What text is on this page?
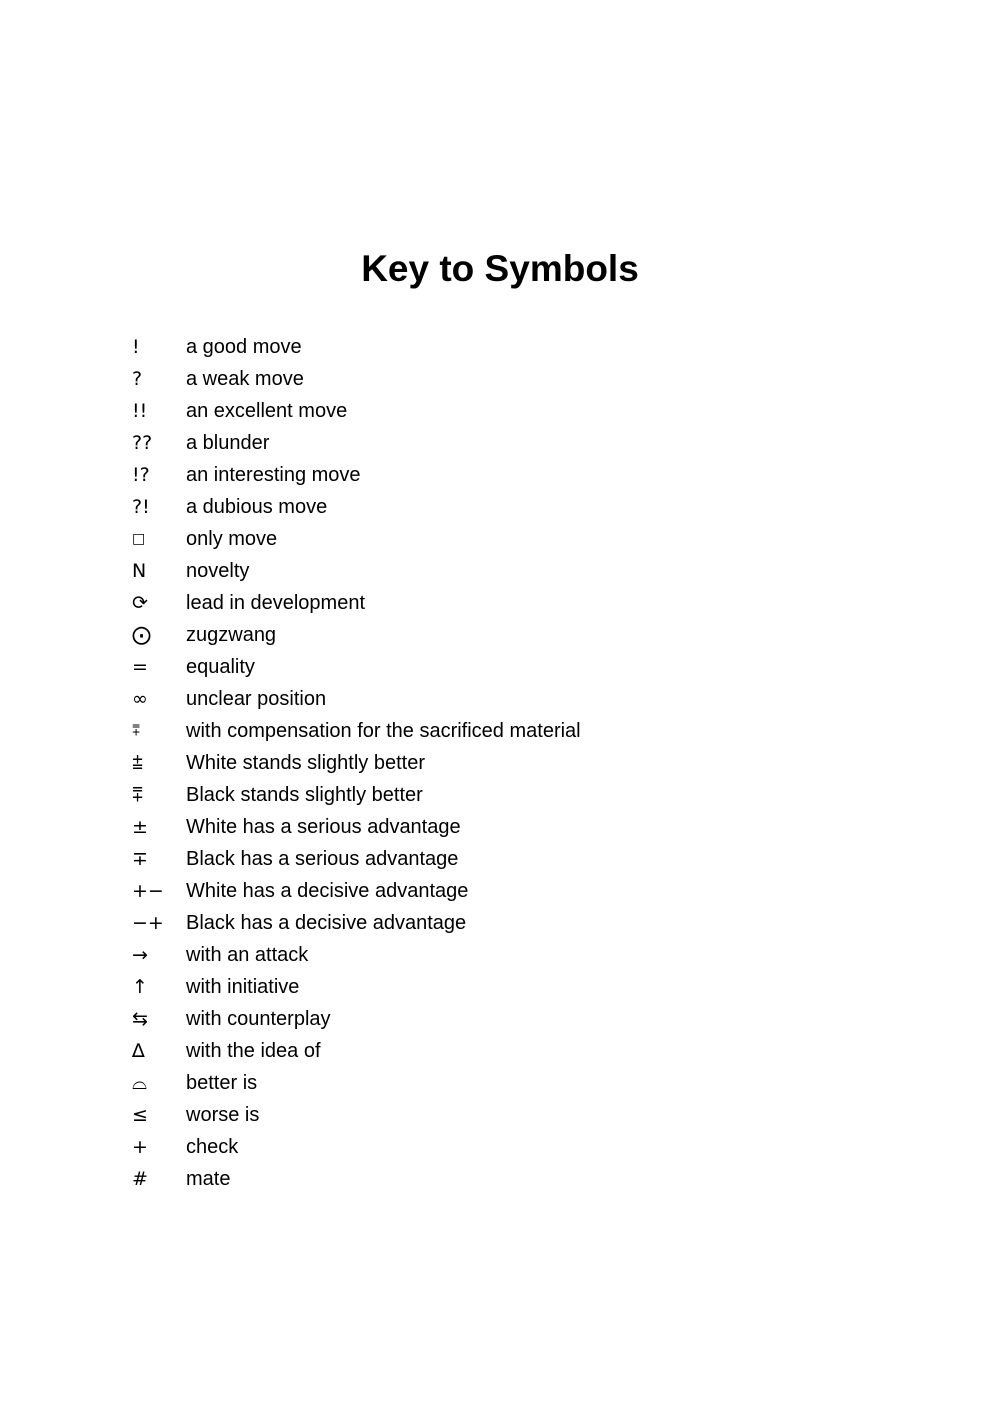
Key to Symbols
!	a good move
?	a weak move
!!	an excellent move
??	a blunder
!?	an interesting move
?!	a dubious move
□	only move
N	novelty
⟳	lead in development
⨀	zugzwang
=	equality
∞	unclear position
⩱	with compensation for the sacrificed material
⩲	White stands slightly better
⩱	Black stands slightly better
±	White has a serious advantage
∓	Black has a serious advantage
+−	White has a decisive advantage
−+	Black has a decisive advantage
→	with an attack
↑	with initiative
⇆	with counterplay
∆	with the idea of
⌓	better is
≤	worse is
+	check
#	mate
